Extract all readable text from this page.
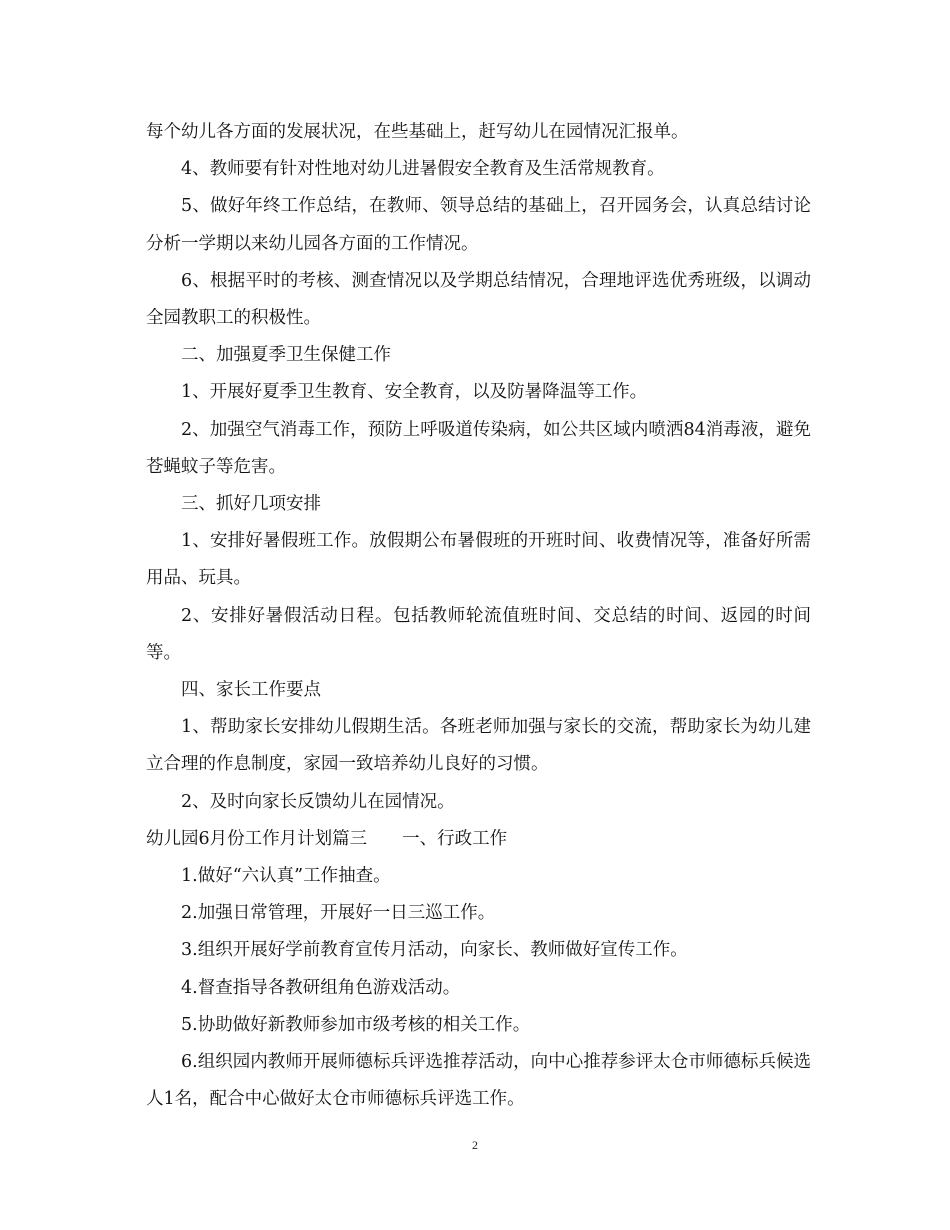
每个幼儿各方面的发展状况，在些基础上，赶写幼儿在园情况汇报单。

4、教师要有针对性地对幼儿进暑假安全教育及生活常规教育。

5、做好年终工作总结，在教师、领导总结的基础上，召开园务会，认真总结讨论分析一学期以来幼儿园各方面的工作情况。

6、根据平时的考核、测查情况以及学期总结情况，合理地评选优秀班级，以调动全园教职工的积极性。

二、加强夏季卫生保健工作

1、开展好夏季卫生教育、安全教育，以及防暑降温等工作。

2、加强空气消毒工作，预防上呼吸道传染病，如公共区域内喷洒84消毒液，避免苍蝇蚊子等危害。

三、抓好几项安排

1、安排好暑假班工作。放假期公布暑假班的开班时间、收费情况等，准备好所需用品、玩具。

2、安排好暑假活动日程。包括教师轮流值班时间、交总结的时间、返园的时间等。

四、家长工作要点

1、帮助家长安排幼儿假期生活。各班老师加强与家长的交流，帮助家长为幼儿建立合理的作息制度，家园一致培养幼儿良好的习惯。

2、及时向家长反馈幼儿在园情况。

幼儿园6月份工作月计划篇三　　一、行政工作

1.做好“六认真”工作抽查。

2.加强日常管理，开展好一日三巡工作。

3.组织开展好学前教育宣传月活动，向家长、教师做好宣传工作。

4.督查指导各教研组角色游戏活动。

5.协助做好新教师参加市级考核的相关工作。

6.组织园内教师开展师德标兵评选推荐活动，向中心推荐参评太仓市师德标兵候选人1名，配合中心做好太仓市师德标兵评选工作。

2
